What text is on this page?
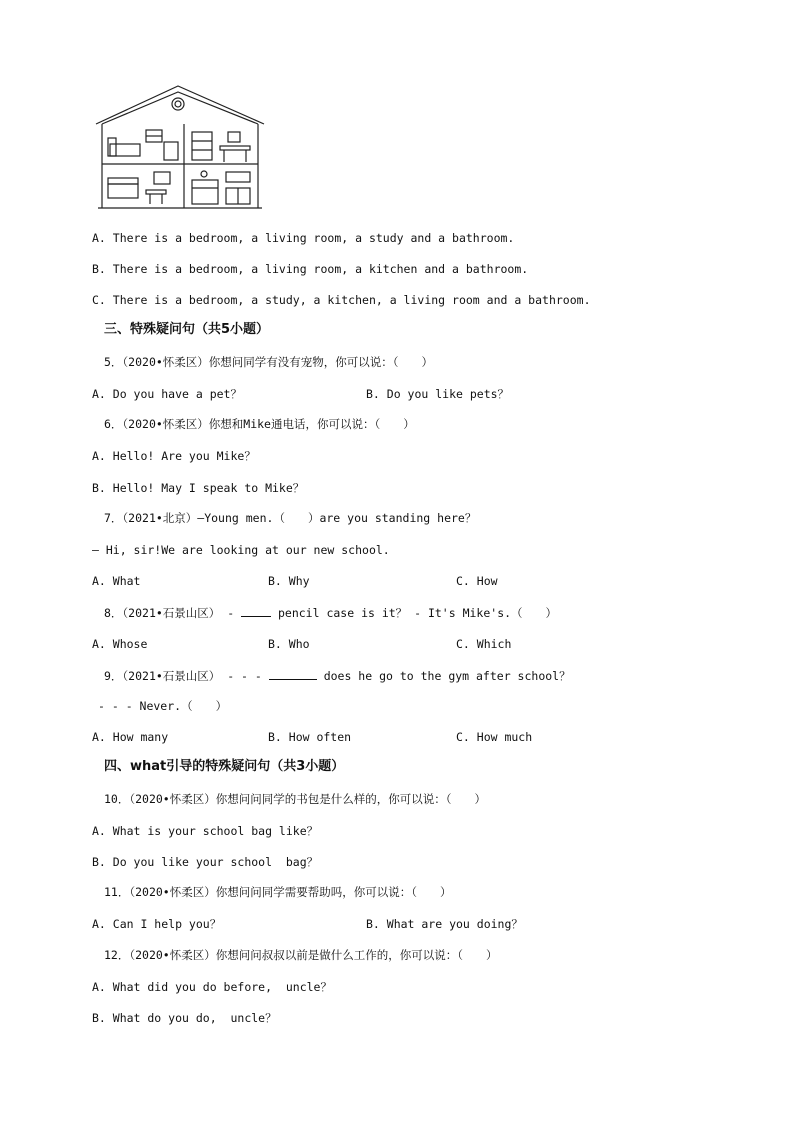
A. There is a bedroom, a living room, a study and a bathroom.
B. There is a bedroom, a living room, a kitchen and a bathroom.
C. There is a bedroom, a study, a kitchen, a living room and a bathroom.
三、特殊疑问句（共5小题）
5．（2020•怀柔区）你想问同学有没有宠物，你可以说：（　　）

A. Do you have a pet？

	B. Do you like pets？

6．（2020•怀柔区）你想和Mike通电话，你可以说：（　　）
A. Hello! Are you Mike？
B. Hello! May I speak to Mike？
7．（2021•北京）—Young men.（　　）are you standing here？
— Hi, sir!We are looking at our new school.

A. What

	B. Why

	C. How

8．（2021•石景山区） -	pencil case is it？ - It's Mike's.（　　）

A. Whose

	B. Who

	C. Which

9．（2021•石景山区） - - -	does he go to the gym after school？
- - - Never.（　　）

A. How many

	B. How often

	C. How much

四、what引导的特殊疑问句（共3小题）
10．（2020•怀柔区）你想问问同学的书包是什么样的，你可以说：（　　）
A. What is your school bag like？
B. Do you like your school  bag？
11．（2020•怀柔区）你想问问同学需要帮助吗，你可以说：（　　）

A. Can I help you？

	B. What are you doing？

12．（2020•怀柔区）你想问问叔叔以前是做什么工作的，你可以说：（　　）
A. What did you do before,  uncle？
B. What do you do,  uncle？
